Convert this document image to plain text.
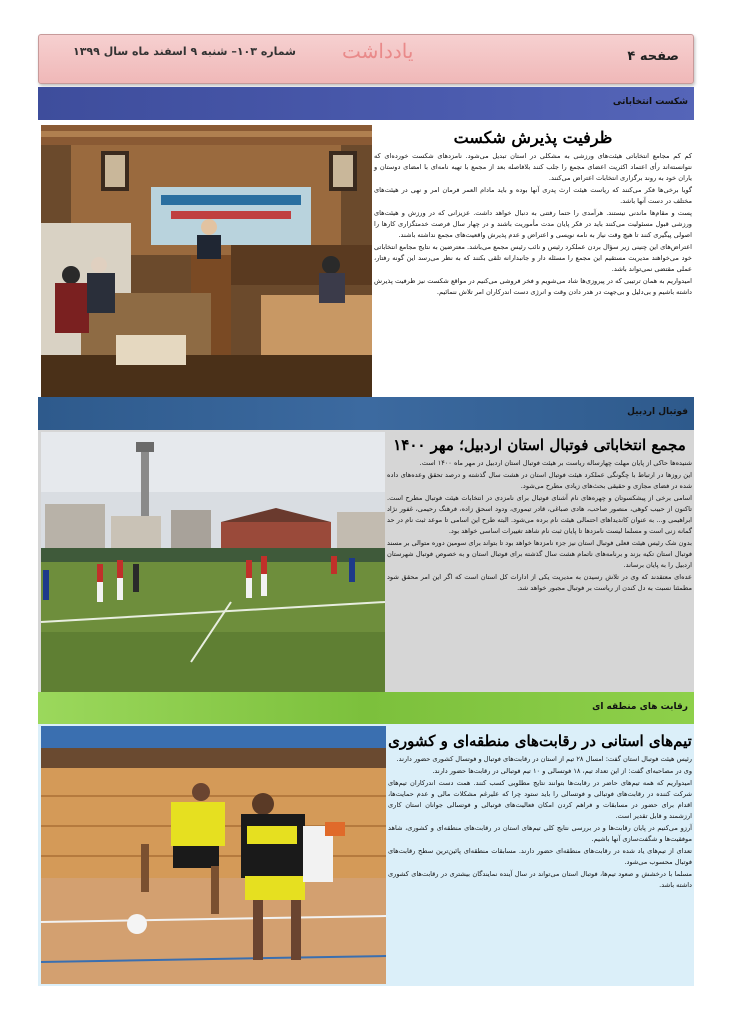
شماره ۱۰۳– شنبه ۹ اسفند ماه سال ۱۳۹۹ یادداشت	صفحه ۴
شکست انتخاباتی
ظرفیت پذیرش شکست

کم کم مجامع انتخاباتی هیئت‌های ورزشی به مشکلی در استان تبدیل می‌شود. نامزدهای شکست خورده‌ای که نتوانسته‌اند رأی اعتماد اکثریت اعضای مجمع را جلب کنند بلافاصله بعد از مجمع با تهیه نامه‌ای با امضای دوستان و یاران خود به روند برگزاری انتخابات اعتراض می‌کنند.

گویا برخی‌ها فکر می‌کنند که ریاست هیئت ارث پدری آنها بوده و باید مادام العمر فرمان امر و نهی در هیئت‌های مختلف در دست آنها باشد.

پست و مقام‌ها ماندنی نیستند. هرآمدی را حتما رفتنی به دنبال خواهد داشت. عزیزانی که در ورزش و هیئت‌های ورزشی قبول مسئولیت می‌کنند باید در فکر پایان مدت مأموریت باشند و در چهار سال فرصت خدمتگزاری کارها را اصولی پیگیری کنند تا هیچ وقت نیاز به نامه نویسی و اعتراض و عدم پذیرش واقعیت‌های مجمع نداشته باشند.

اعتراض‌های این چنینی زیر سؤال بردن عملکرد رئیس و نائب رئیس مجمع می‌باشد. معترضین به نتایج مجامع انتخاباتی خود می‌خواهند مدیریت مستقیم این مجمع را مسئله دار و جانبدارانه تلقی بکنند که به نظر می‌رسد این گونه رفتار، عملی مقتضی نمی‌تواند باشد.

امیدواریم به همان ترتیبی که در پیروزی‌ها شاد می‌شویم و فخر فروشی می‌کنیم در مواقع شکست نیز ظرفیت پذیرش داشته باشیم و بی‌دلیل و بی‌جهت در هدر دادن وقت و انرژی دست اندرکاران امر تلاش ننمائیم.

فوتبال اردبیل
مجمع انتخاباتی فوتبال استان اردبیل؛ مهر ۱۴۰۰

شنیده‌ها حاکی از پایان مهلت چهارساله ریاست بر هیئت فوتبال استان اردبیل در مهر ماه ۱۴۰۰ است.

این روزها در ارتباط با چگونگی عملکرد هیئت فوتبال استان در هشت سال گذشته و درصد تحقق وعده‌های داده شده در فضای مجازی و حقیقی بحث‌های زیادی مطرح می‌شود.

اسامی برخی از پیشکسوتان و چهره‌های نام آشنای فوتبال برای نامزدی در انتخابات هیئت فوتبال مطرح است. تاکنون از حبیب کوهی، منصور صاحب، هادی صباغی، قادر تیموری، ودود اسحق زاده، فرهنگ رحیمی، غفور نژاد ابراهیمی و... به عنوان کاندیداهای احتمالی هیئت نام برده می‌شود. البته طرح این اسامی تا موعد ثبت نام در حد گمانه زنی است و مسلما لیست نامزدها تا پایان ثبت نام شاهد تغییرات اساسی خواهد بود.

بدون شک رئیس هیئت فعلی فوتبال استان نیز جزء نامزدها خواهد بود تا بتواند برای سومین دوره متوالی بر مسند فوتبال استان تکیه بزند و برنامه‌های ناتمام هشت سال گذشته برای فوتبال استان و به خصوص فوتبال شهرستان اردبیل را به پایان برساند.

عده‌ای معتقدند که وی در تلاش رسیدن به مدیریت یکی از ادارات کل استان است که اگر این امر محقق شود مطمئنا نسبت به دل کندن از ریاست بر فوتبال مجبور خواهد شد.

رقابت های منطقه ای
تیم‌های استانی در رقابت‌های منطقه‌ای و کشوری

رئیس هیئت فوتبال استان گفت: امسال ۲۸ تیم از استان در رقابت‌های فوتبال و فوتسال کشوری حضور دارند.

وی در مصاحبه‌ای گفت: از این تعداد تیم، ۱۸ فوتسالی و ۱۰ تیم فوتبالی در رقابت‌ها حضور دارند.

امیدواریم که همه تیم‌های حاضر در رقابت‌ها بتوانند نتایج مطلوبی کسب کنند. همت دست اندرکاران تیم‌های شرکت کننده در رقابت‌های فوتبالی و فوتسالی را باید ستود چرا که علیرغم مشکلات مالی و عدم حمایت‌ها، اقدام برای حضور در مسابقات و فراهم کردن امکان فعالیت‌های فوتبالی و فوتسالی جوانان استان کاری ارزشمند و قابل تقدیر است.

آرزو می‌کنیم در پایان رقابت‌ها و در بررسی نتایج کلی تیم‌های استان در رقابت‌های منطقه‌ای و کشوری، شاهد موفقیت‌ها و شگفت‌سازی آنها باشیم.

تعدای از تیم‌های یاد شده در رقابت‌های منطقه‌ای حضور دارند. مسابقات منطقه‌ای پائین‌ترین سطح رقابت‌های فوتبال محسوب می‌شود.

مسلما با درخشش و صعود تیم‌ها، فوتبال استان می‌تواند در سال آینده نمایندگان بیشتری در رقابت‌های کشوری داشته باشد.
